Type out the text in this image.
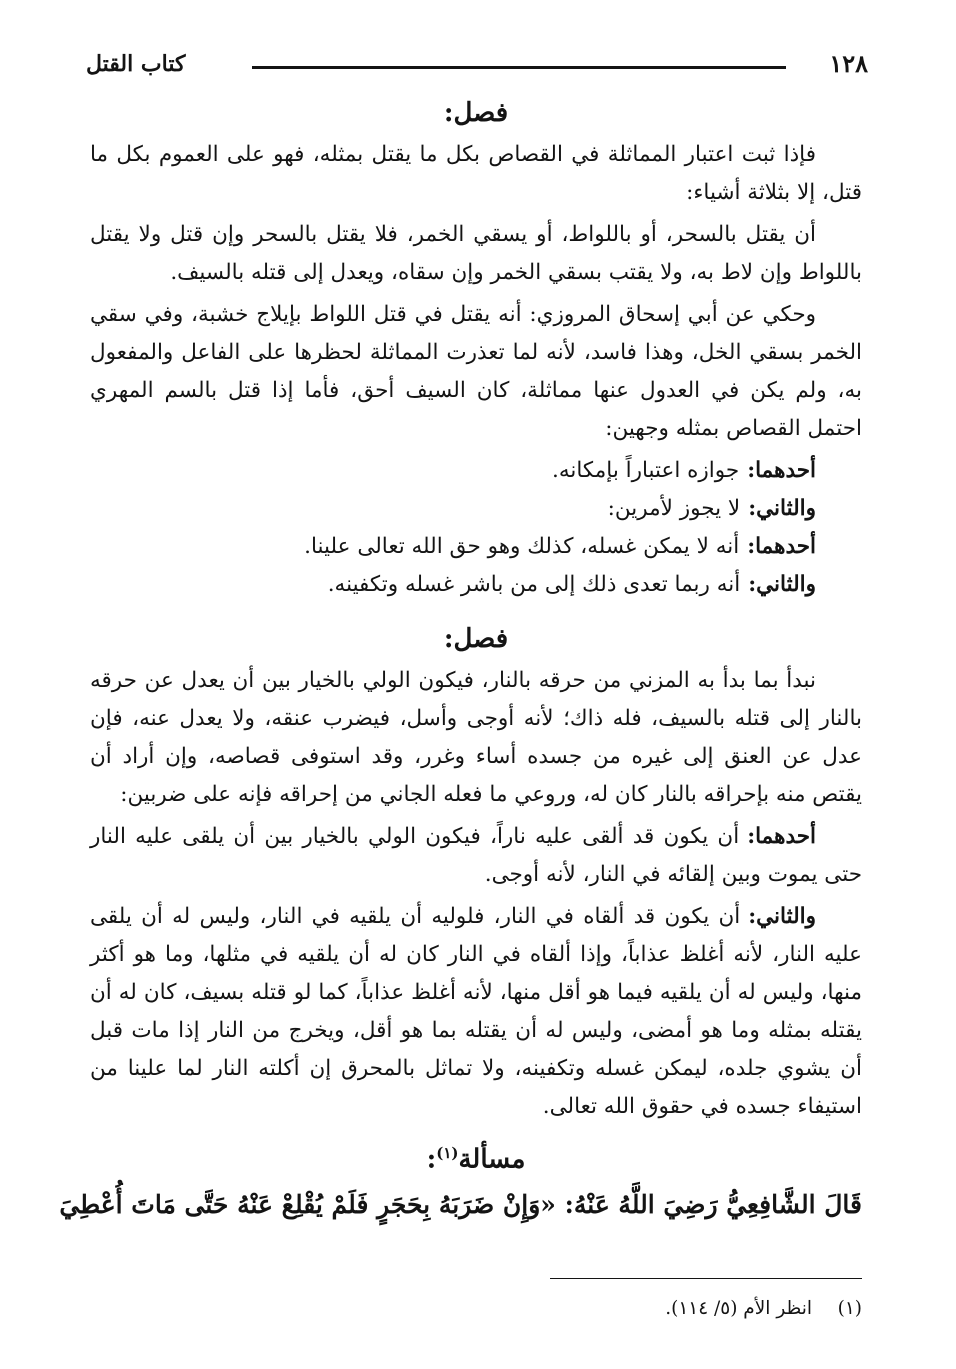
١٢٨
كتاب القتل
فصل:

فإذا ثبت اعتبار المماثلة في القصاص بكل ما يقتل بمثله، فهو على العموم بكل ما قتل، إلا بثلاثة أشياء:

أن يقتل بالسحر، أو باللواط، أو يسقي الخمر، فلا يقتل بالسحر وإن قتل ولا يقتل باللواط وإن لاط به، ولا يقتب بسقي الخمر وإن سقاه، ويعدل إلى قتله بالسيف.

وحكي عن أبي إسحاق المروزي: أنه يقتل في قتل اللواط بإيلاج خشبة، وفي سقي الخمر بسقي الخل، وهذا فاسد، لأنه لما تعذرت المماثلة لحظرها على الفاعل والمفعول به، ولم يكن في العدول عنها مماثلة، كان السيف أحق، فأما إذا قتل بالسم المهري احتمل القصاص بمثله وجهين:

أحدهما:جوازه اعتباراً بإمكانه.
والثاني:لا يجوز لأمرين:
أحدهما:أنه لا يمكن غسله، كذلك وهو حق الله تعالى علينا.
والثاني:أنه ربما تعدى ذلك إلى من باشر غسله وتكفينه.
فصل:

نبدأ بما بدأ به المزني من حرقه بالنار، فيكون الولي بالخيار بين أن يعدل عن حرقه بالنار إلى قتله بالسيف، فله ذاك؛ لأنه أوجى وأسل، فيضرب عنقه، ولا يعدل عنه، فإن عدل عن العنق إلى غيره من جسده أساء وغرر، وقد استوفى قصاصه، وإن أراد أن يقتص منه بإحراقه بالنار كان له، وروعي ما فعله الجاني من إحراقه فإنه على ضربين:

أحدهما:أن يكون قد ألقى عليه ناراً، فيكون الولي بالخيار بين أن يلقى عليه النار حتى يموت وبين إلقائه في النار، لأنه أوجى.

والثاني:أن يكون قد ألقاه في النار، فلوليه أن يلقيه في النار، وليس له أن يلقى عليه النار، لأنه أغلظ عذاباً، وإذا ألقاه في النار كان له أن يلقيه في مثلها، وما هو أكثر منها، وليس له أن يلقيه فيما هو أقل منها، لأنه أغلظ عذاباً، كما لو قتله بسيف، كان له أن يقتله بمثله وما هو أمضى، وليس له أن يقتله بما هو أقل، ويخرج من النار إذا مات قبل أن يشوي جلده، ليمكن غسله وتكفينه، ولا تماثل بالمحرق إن أكلته النار لما علينا من استيفاء جسده في حقوق الله تعالى.

مسألة$^{(١)}$:

قَالَ الشَّافِعِيُّ رَضِيَ اللَّهُ عَنْهُ: «وَإِنْ ضَرَبَهُ بِحَجَرٍ فَلَمْ يُقْلِعْ عَنْهُ حَتَّى مَاتَ أُعْطِيَ

(١)انظر الأم (٥/ ١١٤).
